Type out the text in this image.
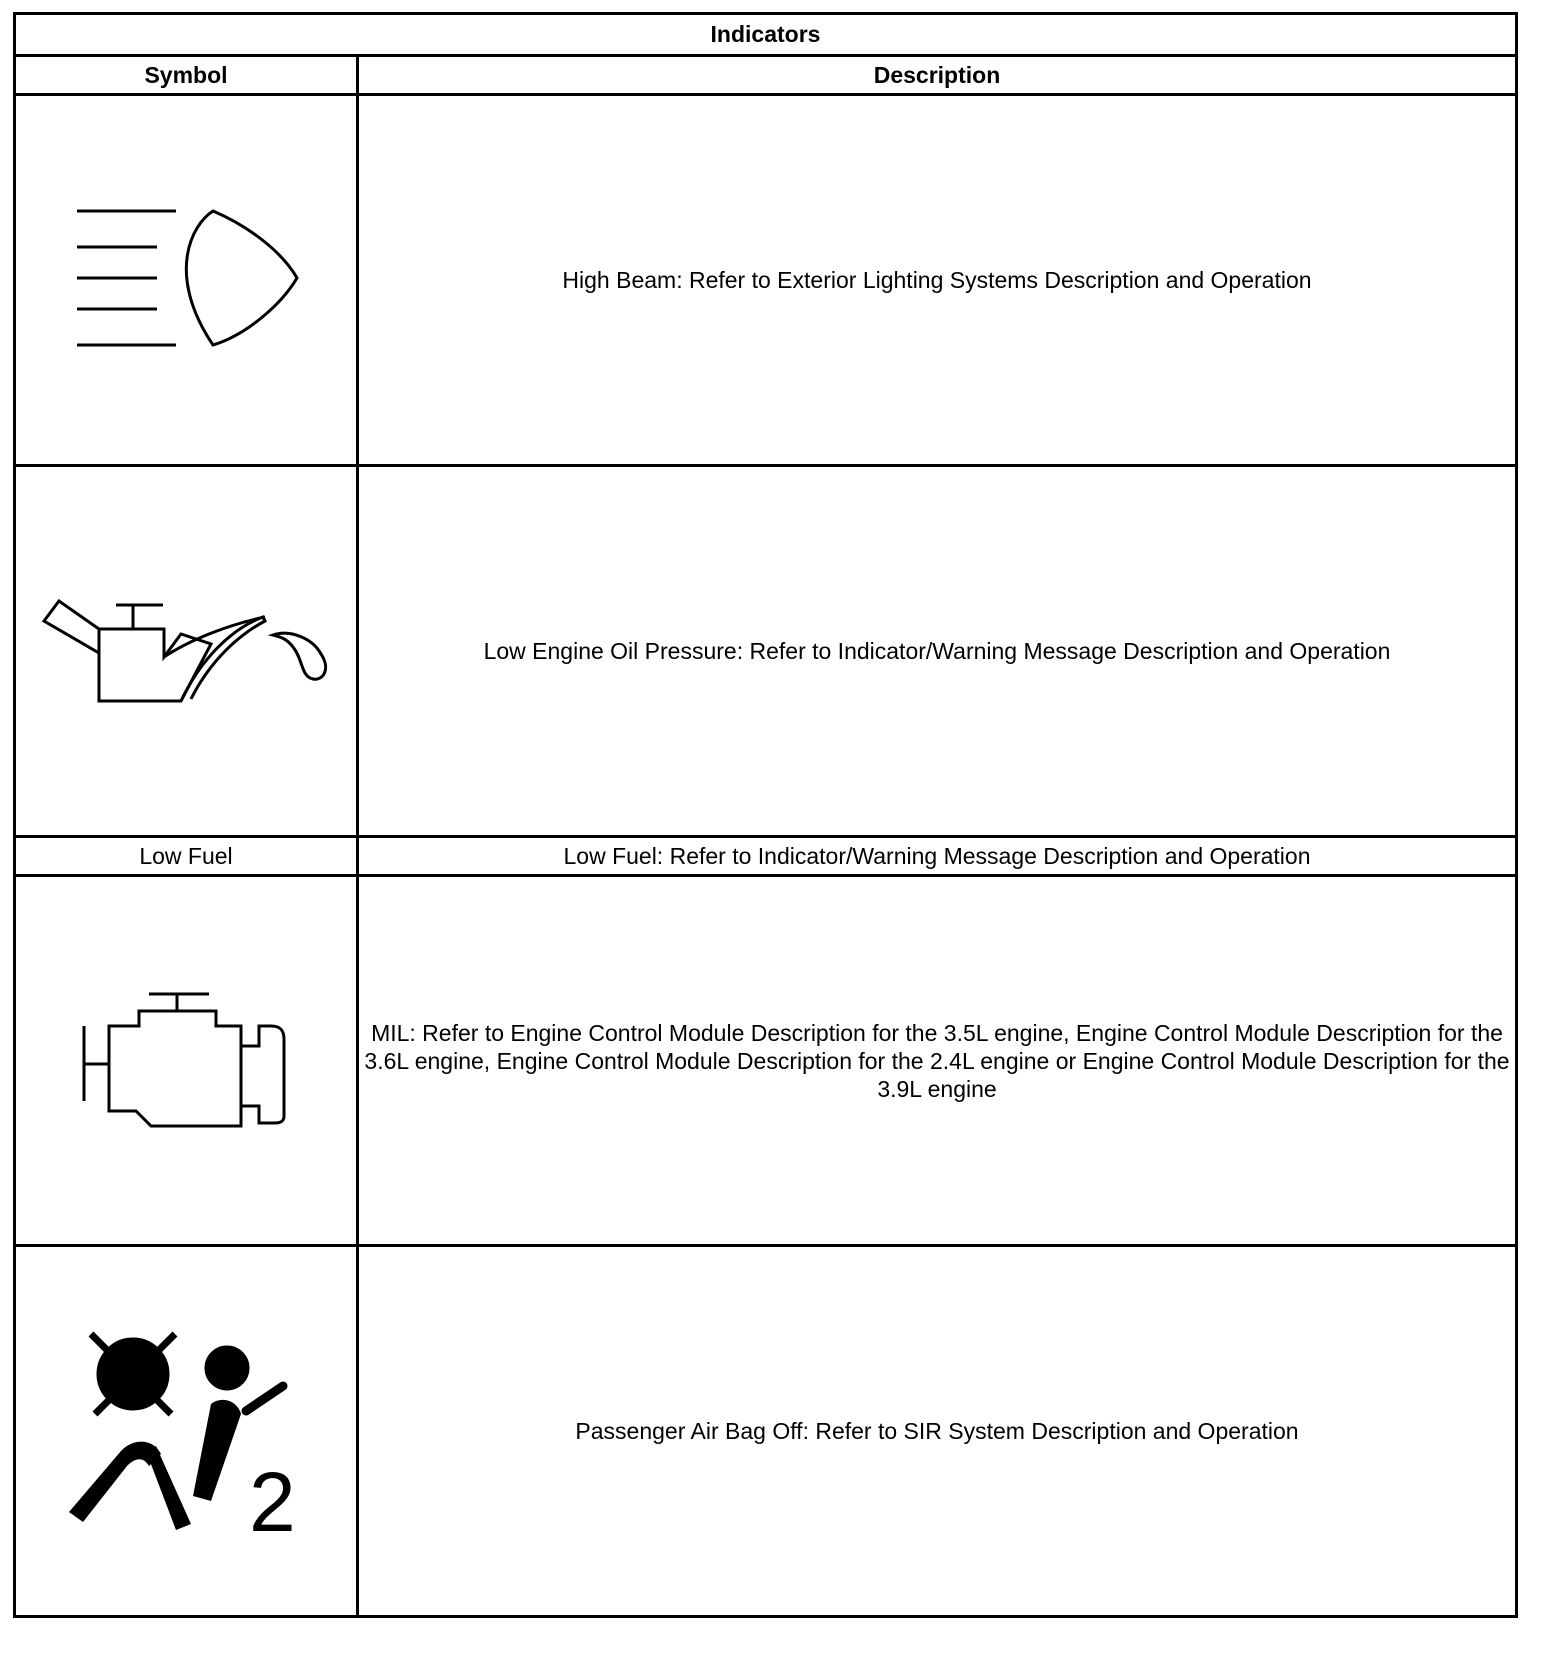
Indicators	
Symbol	Description

	High Beam: Refer to Exterior Lighting Systems Description and Operation

	Low Engine Oil Pressure: Refer to Indicator/Warning Message Description and Operation
Low Fuel	Low Fuel: Refer to Indicator/Warning Message Description and Operation

	MIL: Refer to Engine Control Module Description for the 3.5L engine, Engine Control Module Description for the 3.6L engine, Engine Control Module Description for the 2.4L engine or Engine Control Module Description for the 3.9L engine

2	Passenger Air Bag Off: Refer to SIR System Description and Operation
